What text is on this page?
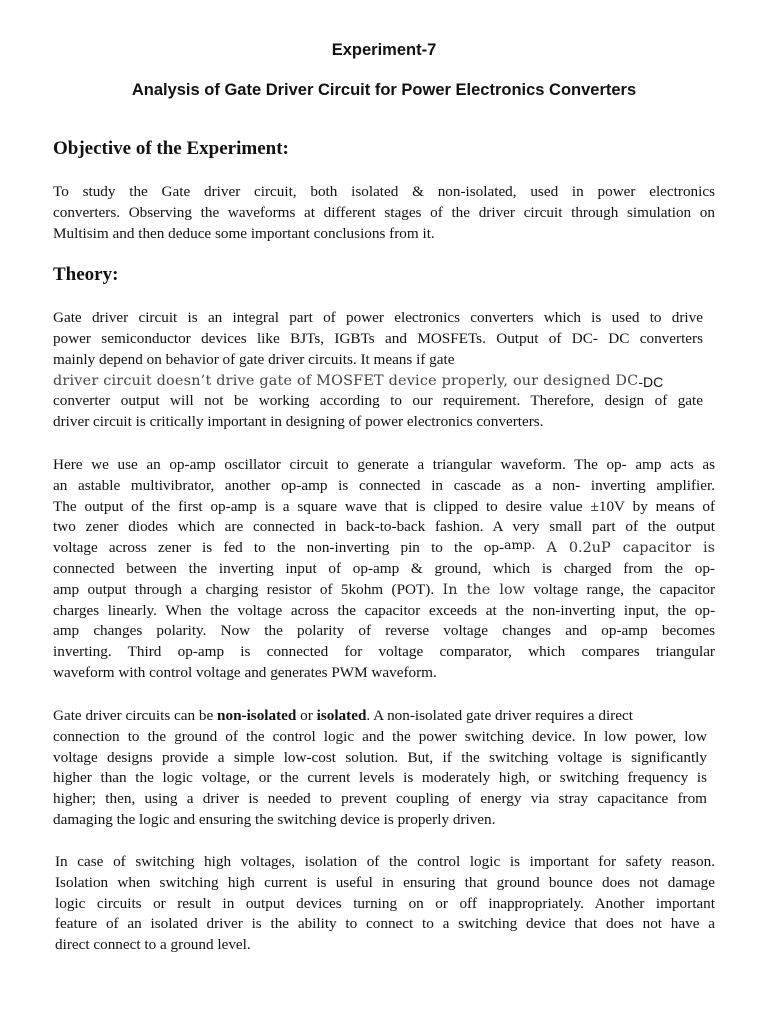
Experiment-7
Analysis of Gate Driver Circuit for Power Electronics Converters
Objective of the Experiment:
To study the Gate driver circuit, both isolated & non-isolated, used in power electronics
converters. Observing the waveforms at different stages of the driver circuit through simulation on
Multisim and then deduce some important conclusions from it.
Theory:
Gate driver circuit is an integral part of power electronics converters which is used to drive
power semiconductor devices like BJTs, IGBTs and MOSFETs. Output of DC- DC converters
mainly depend on behavior of gate driver circuits. It means if gate
driver circuit doesn’t drive gate of MOSFET device properly, our designed DC-DC
converter output will not be working according to our requirement. Therefore, design of gate
driver circuit is critically important in designing of power electronics converters.
Here we use an op-amp oscillator circuit to generate a triangular waveform. The op- amp acts as
an astable multivibrator, another op-amp is connected in cascade as a non- inverting amplifier.
The output of the first op-amp is a square wave that is clipped to desire value ±10V by means of
two zener diodes which are connected in back-to-back fashion. A very small part of the output
voltage across zener is fed to the non-inverting pin to the op-amp. A 0.2uP capacitor is
connected between the inverting input of op-amp & ground, which is charged from the op-
amp output through a charging resistor of 5kohm (POT). In the low voltage range, the capacitor
charges linearly. When the voltage across the capacitor exceeds at the non-inverting input, the op-
amp changes polarity. Now the polarity of reverse voltage changes and op-amp becomes
inverting. Third op-amp is connected for voltage comparator, which compares triangular
waveform with control voltage and generates PWM waveform.
Gate driver circuits can be non-isolated or isolated. A non-isolated gate driver requires a direct
connection to the ground of the control logic and the power switching device. In low power, low
voltage designs provide a simple low-cost solution. But, if the switching voltage is significantly
higher than the logic voltage, or the current levels is moderately high, or switching frequency is
higher; then, using a driver is needed to prevent coupling of energy via stray capacitance from
damaging the logic and ensuring the switching device is properly driven.
In case of switching high voltages, isolation of the control logic is important for safety reason.
Isolation when switching high current is useful in ensuring that ground bounce does not damage
logic circuits or result in output devices turning on or off inappropriately. Another important
feature of an isolated driver is the ability to connect to a switching device that does not have a
direct connect to a ground level.
